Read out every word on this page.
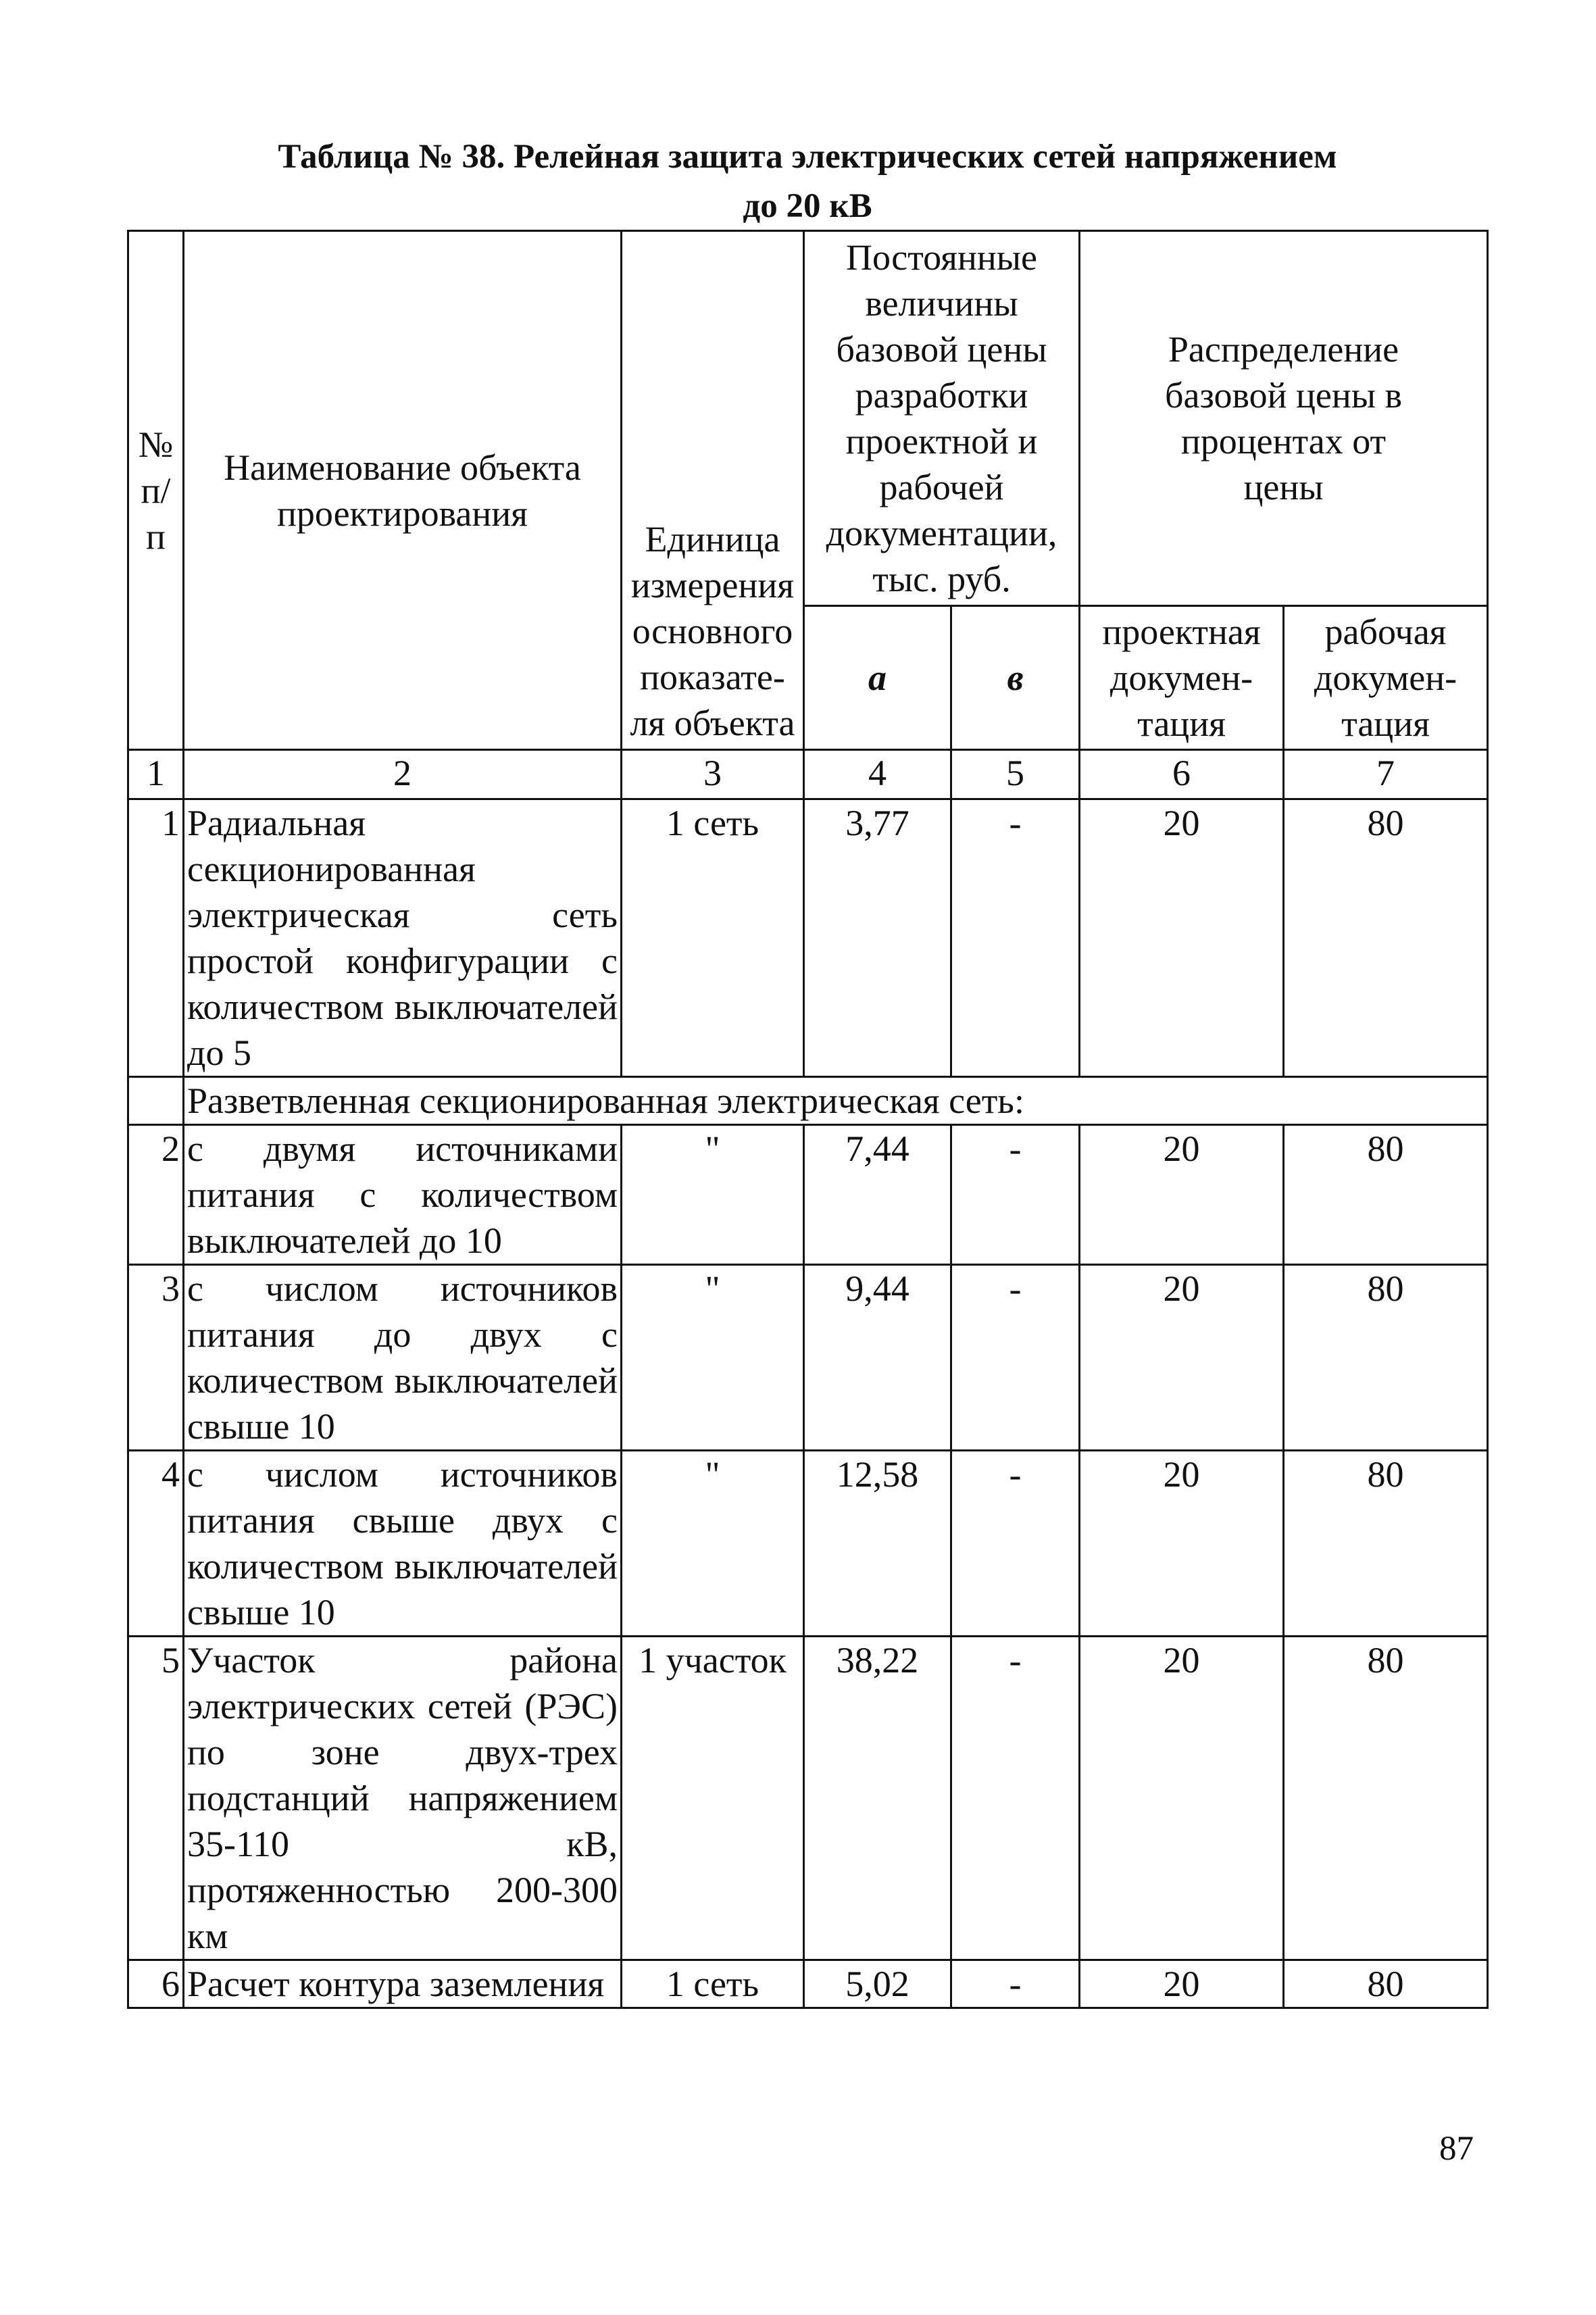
Таблица № 38. Релейная защита электрических сетей напряжением
до 20 кВ
№ п/п	Наименование объекта проектирования	Единица измерения основного показате- ля объекта	Постоянные величины базовой цены разработки проектной и рабочей документации, тыс. руб.		Распределение базовой цены в процентах от цены	
			а	в	проектная докумен- тация	рабочая докумен- тация
1	2	3	4	5	6	7
1	Радиальная секционированная электрическая сеть простой конфигурации с количеством выключателей до 5	1 сеть	3,77	-	20	80
	Разветвленная секционированная электрическая сеть:					
2	с двумя источниками питания с количеством выключателей до 10	"	7,44	-	20	80
3	с числом источников питания до двух с количеством выключателей свыше 10	"	9,44	-	20	80
4	с числом источников питания свыше двух с количеством выключателей свыше 10	"	12,58	-	20	80
5	Участок района электрических сетей (РЭС) по зоне двух-трех подстанций напряжением 35-110 кВ, протяженностью 200-300 км	1 участок	38,22	-	20	80
6	Расчет контура заземления	1 сеть	5,02	-	20	80
87
